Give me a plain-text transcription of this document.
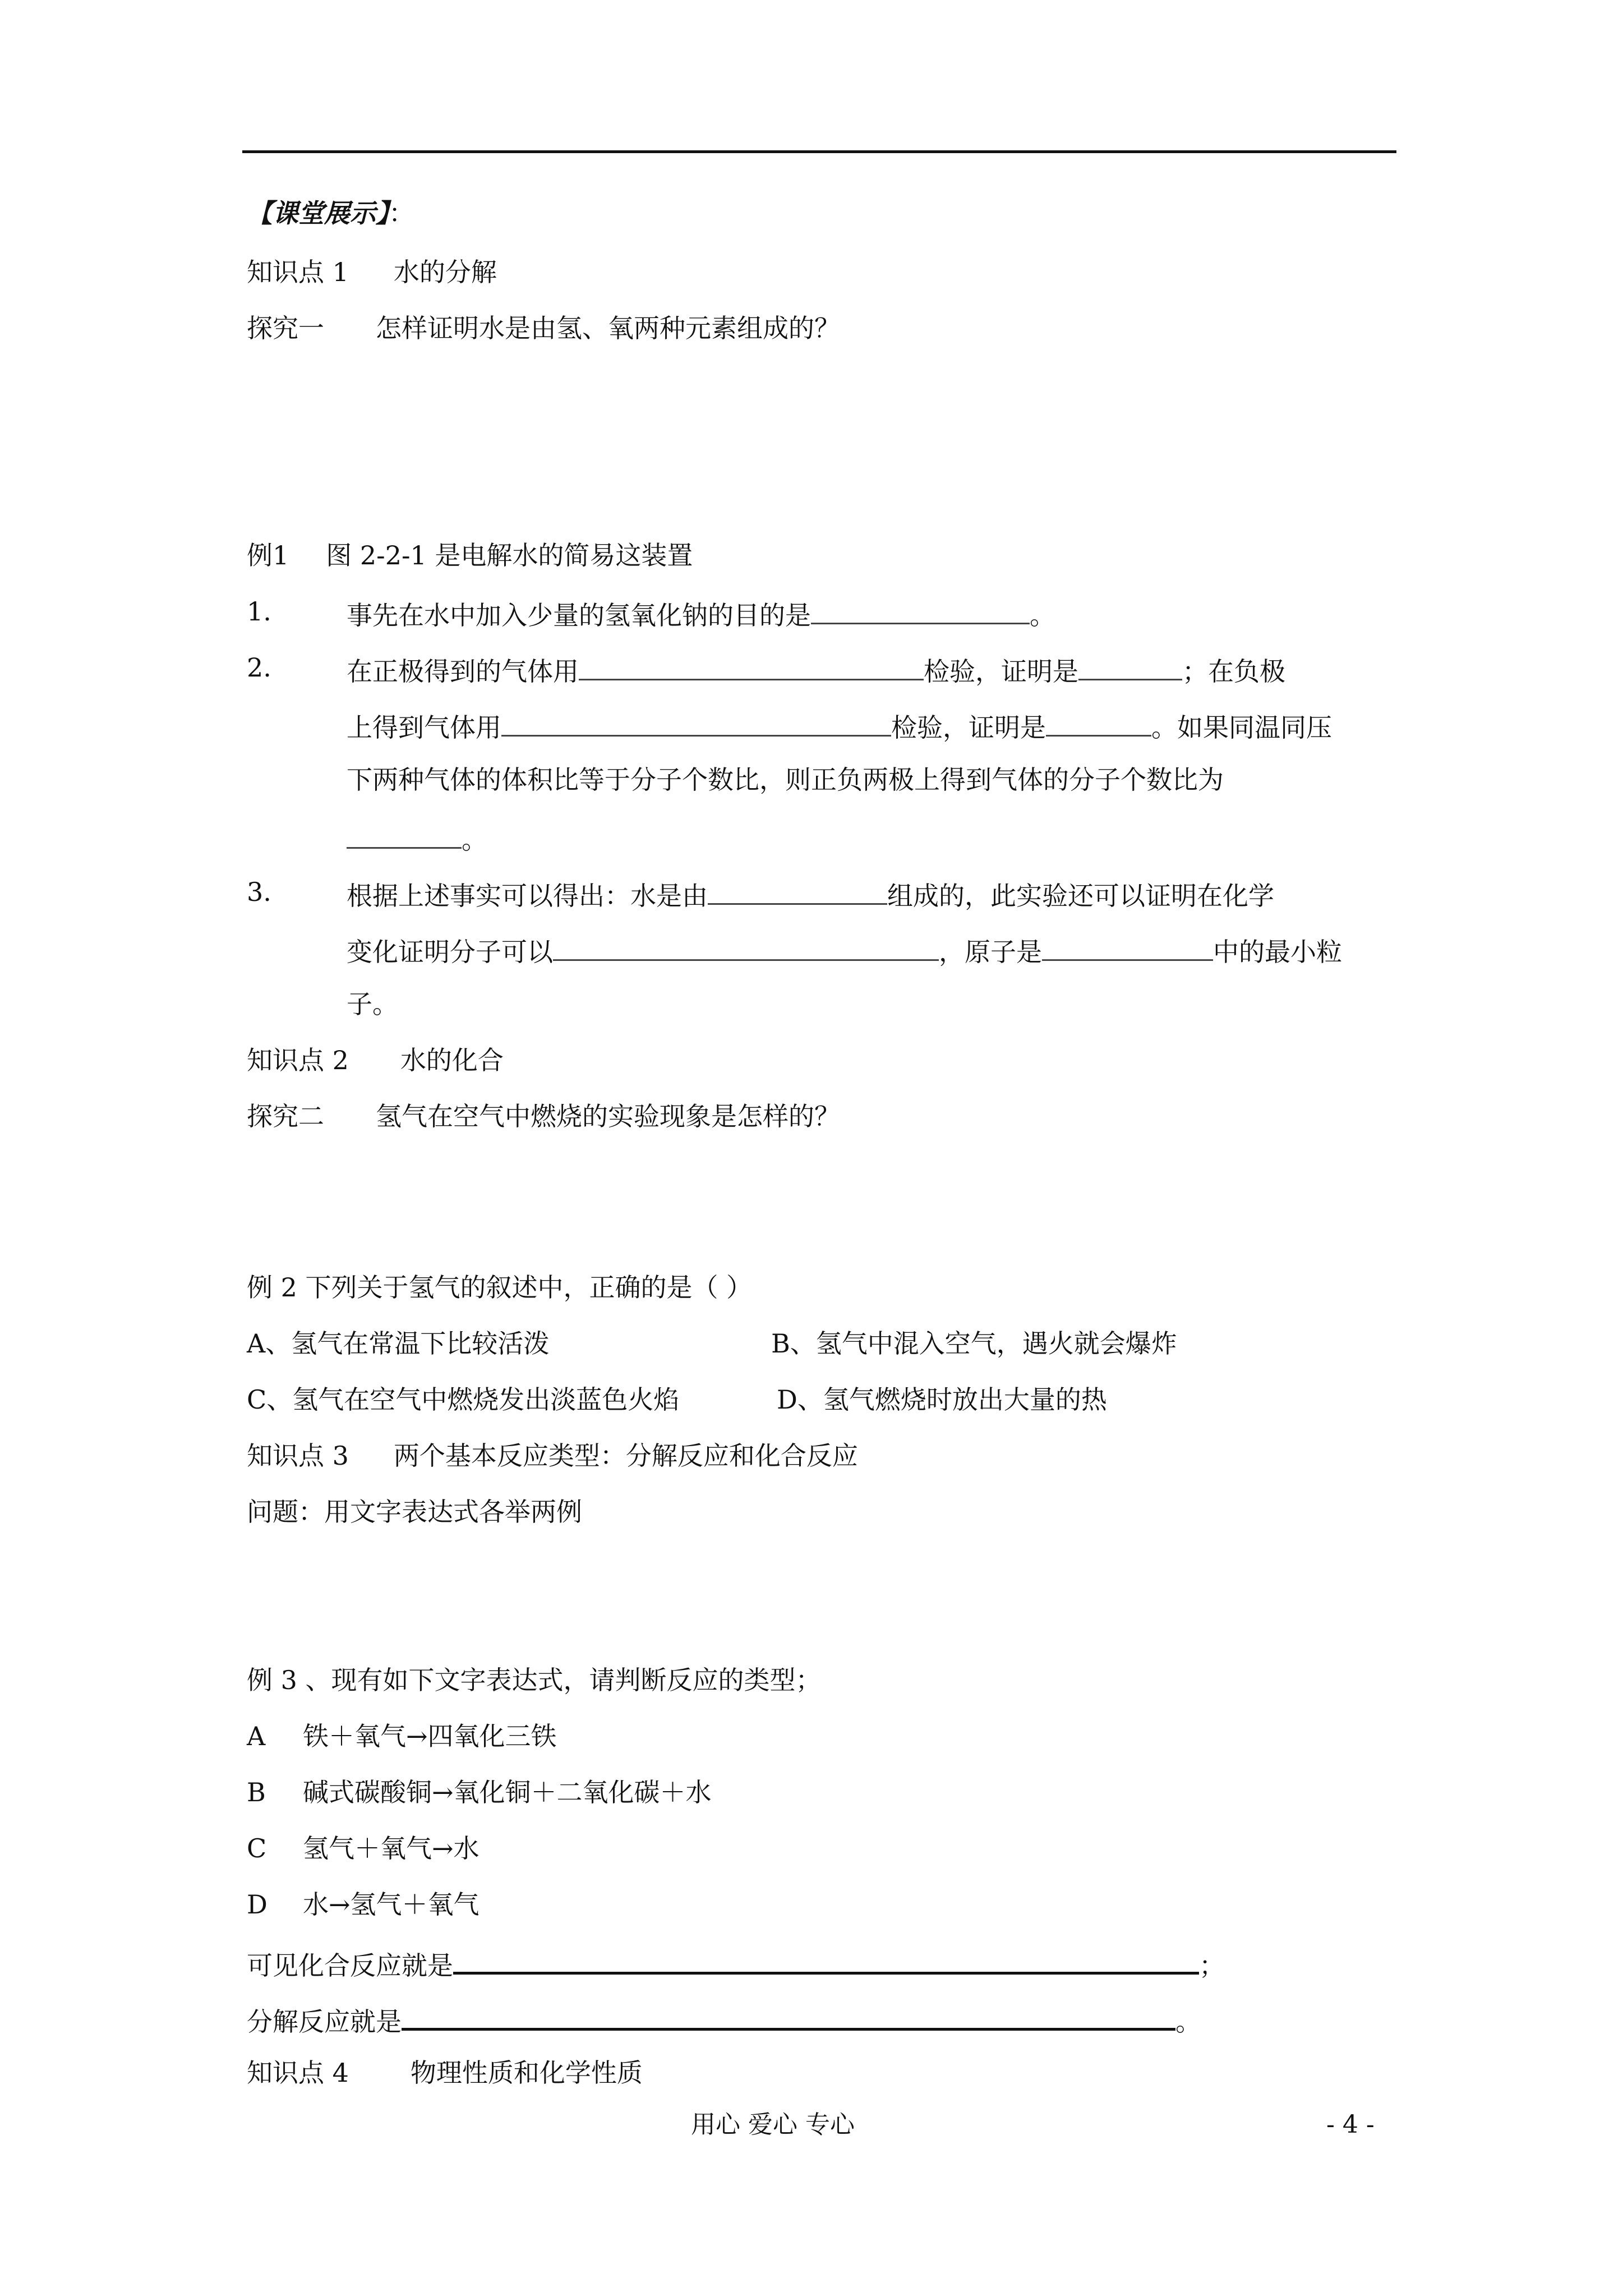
【课堂展示】：
知识点 1 水的分解
探究一 怎样证明水是由氢、氧两种元素组成的？
例1 图 2-2-1 是电解水的简易这装置
1.	事先在水中加入少量的氢氧化钠的目的是	。
2.	在正极得到的气体用	检验，证明是	；在负极
上得到气体用	检验，证明是	。如果同温同压
下两种气体的体积比等于分子个数比，则正负两极上得到气体的分子个数比为
。
3.	根据上述事实可以得出：水是由	组成的，此实验还可以证明在化学
变化证明分子可以	，原子是	中的最小粒
子。
知识点 2 水的化合
探究二 氢气在空气中燃烧的实验现象是怎样的？
例 2 下列关于氢气的叙述中，正确的是（ ）
A、氢气在常温下比较活泼	B、氢气中混入空气，遇火就会爆炸
C、氢气在空气中燃烧发出淡蓝色火焰	D、氢气燃烧时放出大量的热
知识点 3 两个基本反应类型：分解反应和化合反应
问题：用文字表达式各举两例
例 3 、现有如下文字表达式，请判断反应的类型；
A 铁＋氧气→四氧化三铁
B 碱式碳酸铜→氧化铜＋二氧化碳＋水
C 氢气＋氧气→水
D 水→氢气＋氧气
可见化合反应就是	；
分解反应就是	。
知识点 4 物理性质和化学性质
用心 爱心 专心	- 4 -
